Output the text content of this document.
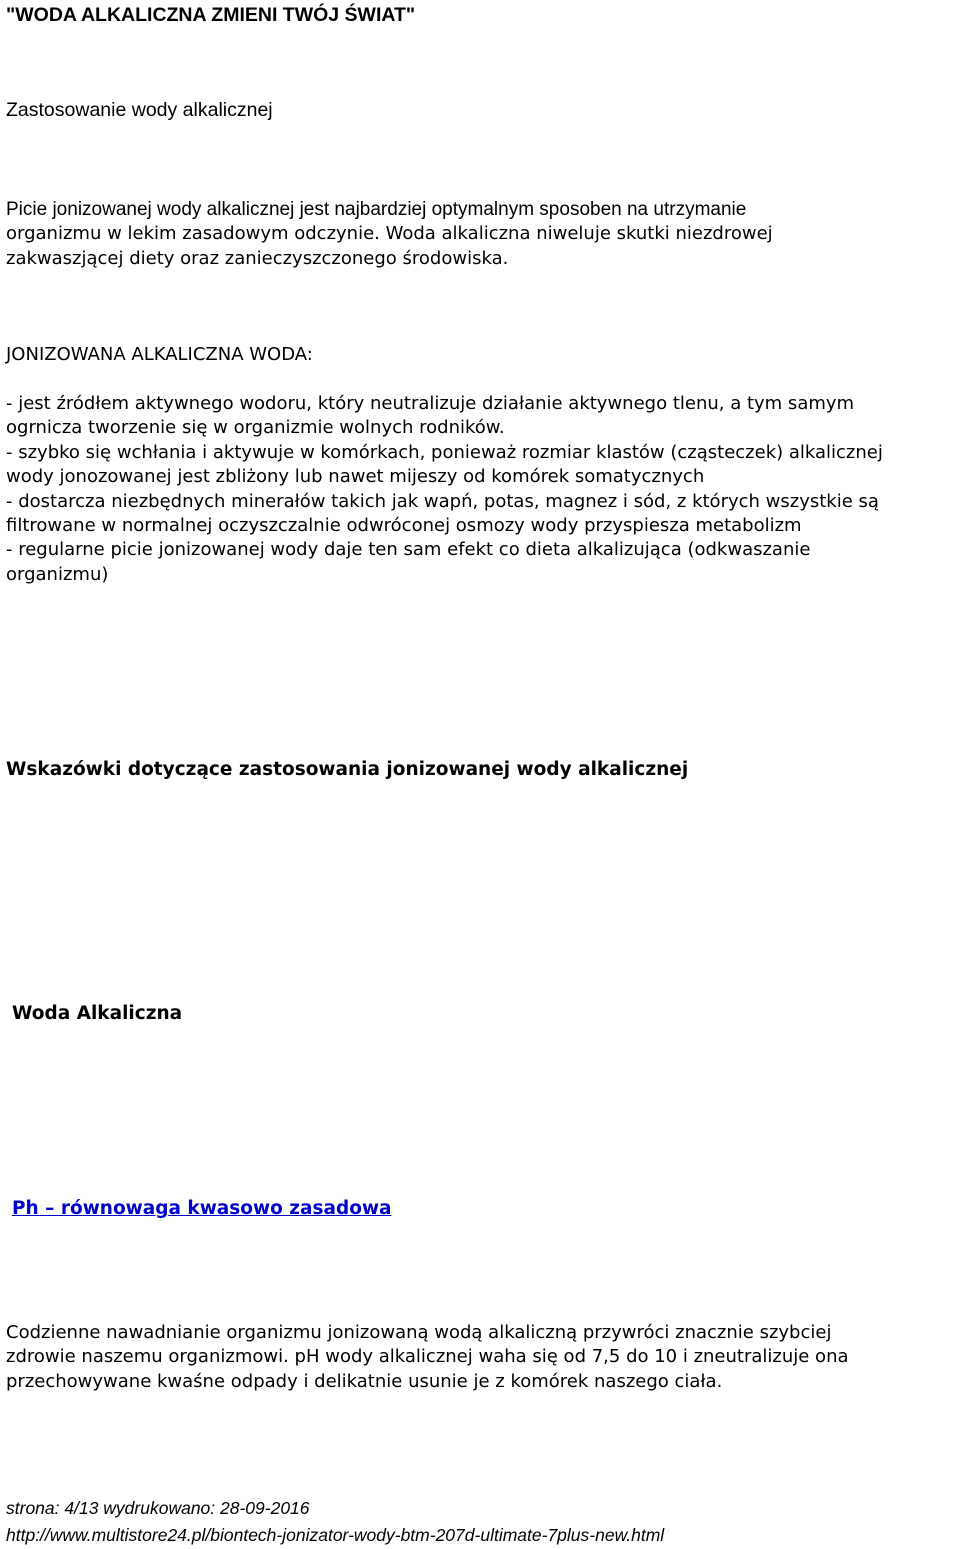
"WODA ALKALICZNA ZMIENI TWÓJ ŚWIAT"
Zastosowanie wody alkalicznej
Picie jonizowanej wody alkalicznej jest najbardziej optymalnym sposoben na utrzymanie
organizmu w lekim zasadowym odczynie. Woda alkaliczna niweluje skutki niezdrowej
zakwaszjącej diety oraz zanieczyszczonego środowiska.
JONIZOWANA ALKALICZNA WODA:
- jest źródłem aktywnego wodoru, który neutralizuje działanie aktywnego tlenu, a tym samym
ogrnicza tworzenie się w organizmie wolnych rodników.
- szybko się wchłania i aktywuje w komórkach, ponieważ rozmiar klastów (cząsteczek) alkalicznej
wody jonozowanej jest zbliżony lub nawet mijeszy od komórek somatycznych
- dostarcza niezbędnych minerałów takich jak wapń, potas, magnez i sód, z których wszystkie są
filtrowane w normalnej oczyszczalnie odwróconej osmozy wody przyspiesza metabolizm
- regularne picie jonizowanej wody daje ten sam efekt co dieta alkalizująca (odkwaszanie
organizmu)
Wskazówki dotyczące zastosowania jonizowanej wody alkalicznej
Woda Alkaliczna
Ph – równowaga kwasowo zasadowa
Codzienne nawadnianie organizmu jonizowaną wodą alkaliczną przywróci znacznie szybciej
zdrowie naszemu organizmowi. pH wody alkalicznej waha się od 7,5 do 10 i zneutralizuje ona
przechowywane kwaśne odpady i delikatnie usunie je z komórek naszego ciała.
strona: 4/13 wydrukowano: 28-09-2016
http://www.multistore24.pl/biontech-jonizator-wody-btm-207d-ultimate-7plus-new.html
